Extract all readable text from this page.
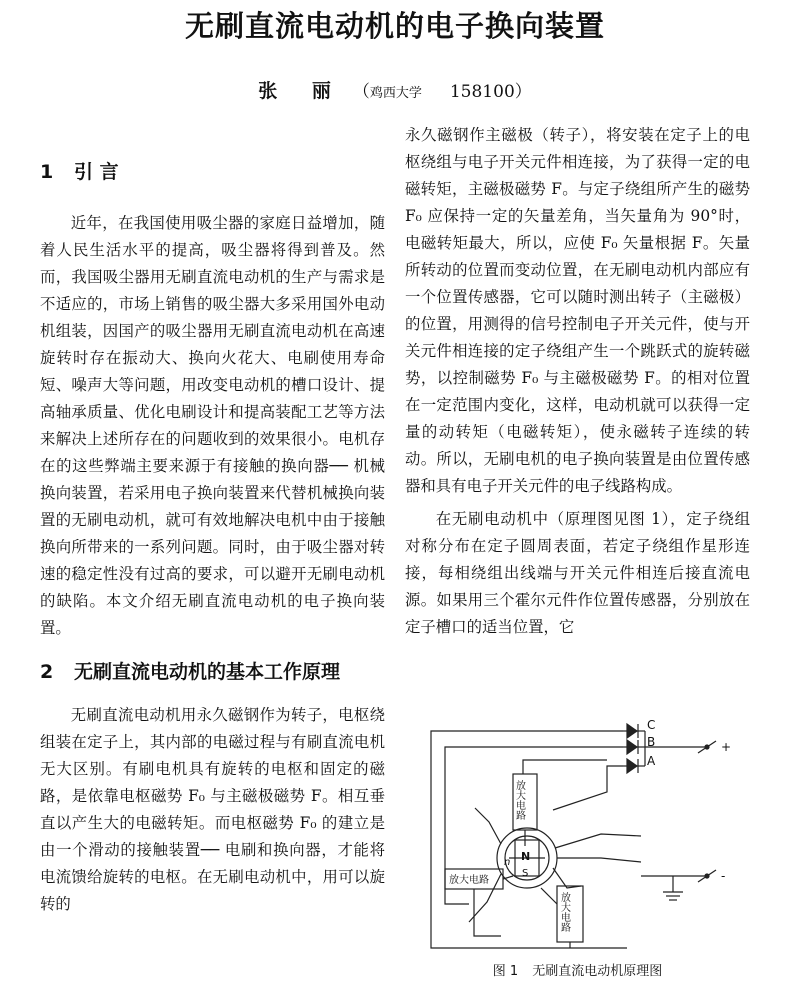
无刷直流电动机的电子换向装置
张 丽 （鸡西大学 158100）
1 引 言

近年，在我国使用吸尘器的家庭日益增加，随着人民生活水平的提高，吸尘器将得到普及。然而，我国吸尘器用无刷直流电动机的生产与需求是不适应的，市场上销售的吸尘器大多采用国外电动机组装，因国产的吸尘器用无刷直流电动机在高速旋转时存在振动大、换向火花大、电刷使用寿命短、噪声大等问题，用改变电动机的槽口设计、提高轴承质量、优化电刷设计和提高装配工艺等方法来解决上述所存在的问题收到的效果很小。电机存在的这些弊端主要来源于有接触的换向器── 机械换向装置，若采用电子换向装置来代替机械换向装置的无刷电动机，就可有效地解决电机中由于接触换向所带来的一系列问题。同时，由于吸尘器对转速的稳定性没有过高的要求，可以避开无刷电动机的缺陷。本文介绍无刷直流电动机的电子换向装置。

2 无刷直流电动机的基本工作原理

无刷直流电动机用永久磁钢作为转子，电枢绕组装在定子上，其内部的电磁过程与有刷直流电机无大区别。有刷电机具有旋转的电枢和固定的磁路，是依靠电枢磁势 F₀ 与主磁极磁势 F。相互垂直以产生大的电磁转矩。而电枢磁势 F₀ 的建立是由一个滑动的接触装置── 电刷和换向器，才能将电流馈给旋转的电枢。在无刷电动机中，用可以旋转的

永久磁钢作主磁极（转子），将安装在定子上的电枢绕组与电子开关元件相连接，为了获得一定的电磁转矩，主磁极磁势 F。与定子绕组所产生的磁势 F₀ 应保持一定的矢量差角，当矢量角为 90°时，电磁转矩最大，所以，应使 F₀ 矢量根据 F。矢量所转动的位置而变动位置，在无刷电动机内部应有一个位置传感器，它可以随时测出转子（主磁极）的位置，用测得的信号控制电子开关元件，使与开关元件相连接的定子绕组产生一个跳跃式的旋转磁势，以控制磁势 F₀ 与主磁极磁势 F。的相对位置在一定范围内变化，这样，电动机就可以获得一定量的动转矩（电磁转矩），使永磁转子连续的转动。所以，无刷电机的电子换向装置是由位置传感器和具有电子开关元件的电子线路构成。

在无刷电动机中（原理图见图 1），定子绕组对称分布在定子圆周表面，若定子绕组作星形连接，每相绕组出线端与开关元件相连后接直流电源。如果用三个霍尔元件作位置传感器，分别放在定子槽口的适当位置，它

C
B
A
+
-
N
S
n
放大电路
放大电路
放大电路
图 1 无刷直流电动机原理图
